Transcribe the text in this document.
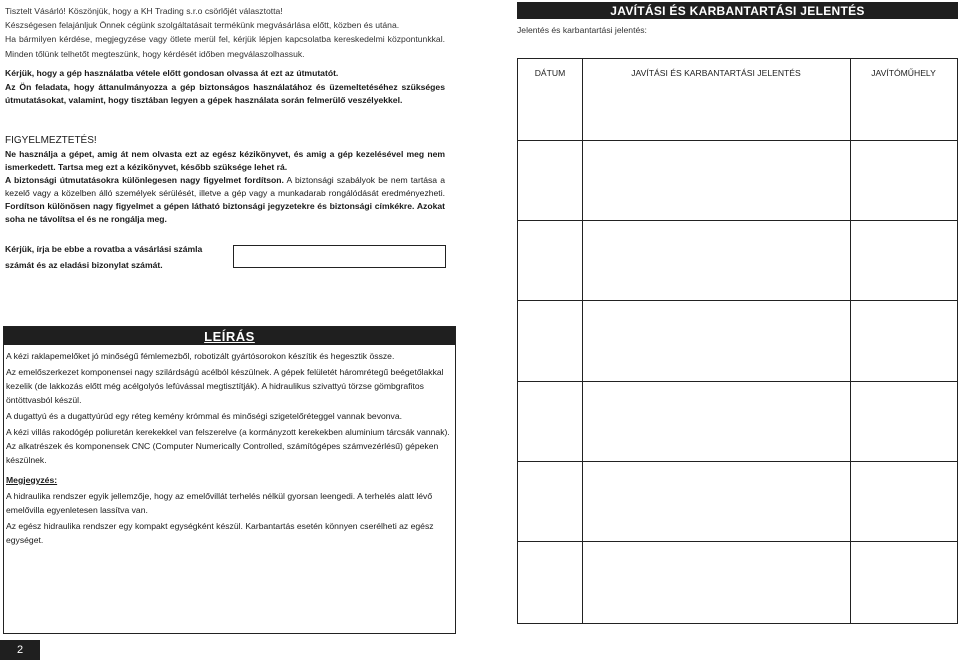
Tisztelt Vásárló! Köszönjük, hogy a KH Trading s.r.o csörlőjét választotta!

Készségesen felajánljuk Önnek cégünk szolgáltatásait termékünk megvásárlása előtt, közben és utána.

Ha bármilyen kérdése, megjegyzése vagy ötlete merül fel, kérjük lépjen kapcsolatba kereskedelmi központunkkal. Minden tőlünk telhetőt megteszünk, hogy kérdését időben megválaszolhassuk.

Kérjük, hogy a gép használatba vétele előtt gondosan olvassa át ezt az útmutatót.

Az Ön feladata, hogy áttanulmányozza a gép biztonságos használatához és üzemeltetéséhez szükséges útmutatásokat, valamint, hogy tisztában legyen a gépek használata során felmerülő veszélyekkel.

FIGYELMEZTETÉS!

Ne használja a gépet, amig át nem olvasta ezt az egész kézikönyvet, és amig a gép kezelésével meg nem ismerkedett. Tartsa meg ezt a kézikönyvet, később szüksége lehet rá.
A biztonsági útmutatásokra különlegesen nagy figyelmet fordítson. A biztonsági szabályok be nem tartása a kezelő vagy a közelben álló személyek sérülését, illetve a gép vagy a munkadarab rongálódását eredményezheti. Fordítson különösen nagy figyelmet a gépen látható biztonsági jegyzetekre és biztonsági címkékre. Azokat soha ne távolítsa el és ne rongálja meg.

Kérjük, írja be ebbe a rovatba a vásárlási számla számát és az eladási bizonylat számát.
LEÍRÁS

A kézi raklapemelőket jó minőségű fémlemezből, robotizált gyártósorokon készítik és hegesztik össze.

Az emelőszerkezet komponensei nagy szilárdságú acélból készülnek. A gépek felületét háromrétegű beégetőlakkal kezelik (de lakkozás előtt még acélgolyós lefúvással megtisztítják). A hidraulikus szivattyú törzse gömbgrafitos öntöttvasból készül.

A dugattyú és a dugattyúrúd egy réteg kemény krómmal és minőségi szigetelőréteggel vannak bevonva.

A kézi villás rakodógép poliuretán kerekekkel van felszerelve (a kormányzott kerekekben aluminium tárcsák vannak). Az alkatrészek és komponensek CNC (Computer Numerically Controlled, számítógépes számvezérlésű) gépeken készülnek.

Megjegyzés:

A hidraulika rendszer egyik jellemzője, hogy az emelővillát terhelés nélkül gyorsan leengedi. A terhelés alatt lévő emelővilla egyenletesen lassítva van.

Az egész hidraulika rendszer egy kompakt egységként készül. Karbantartás esetén könnyen cserélheti az egész egységet.

2
JAVÍTÁSI ÉS KARBANTARTÁSI JELENTÉS
Jelentés és karbantartási jelentés:
DÁTUM	JAVÍTÁSI ÉS KARBANTARTÁSI JELENTÉS	JAVÍTÓMŰHELY
